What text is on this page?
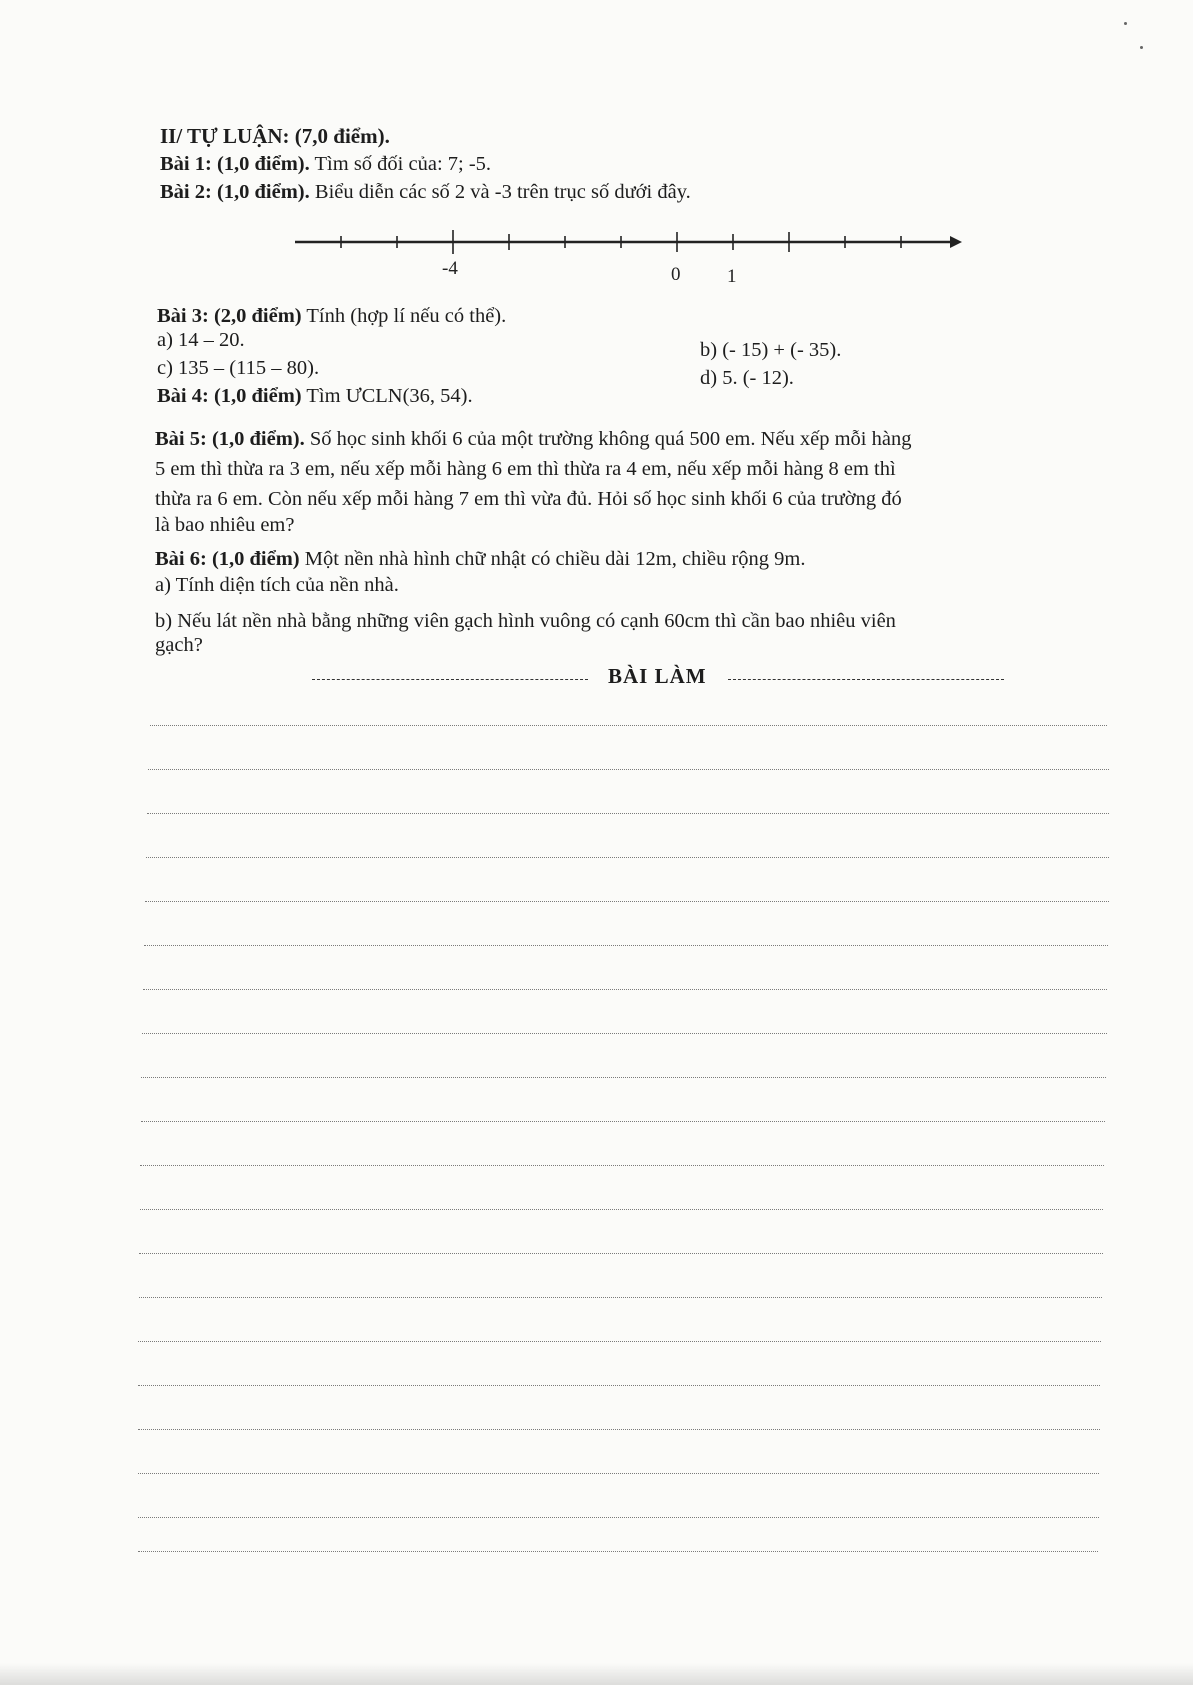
II/ TỰ LUẬN: (7,0 điểm).
Bài 1: (1,0 điểm). Tìm số đối của: 7; -5.
Bài 2: (1,0 điểm). Biểu diễn các số 2 và -3 trên trục số dưới đây.
-4	0 1
Bài 3: (2,0 điểm) Tính (hợp lí nếu có thể).
a) 14 – 20.	b) (- 15) + (- 35).
c) 135 – (115 – 80).	d) 5. (- 12).
Bài 4: (1,0 điểm) Tìm ƯCLN(36, 54).
Bài 5: (1,0 điểm). Số học sinh khối 6 của một trường không quá 500 em. Nếu xếp mỗi hàng
5 em thì thừa ra 3 em, nếu xếp mỗi hàng 6 em thì thừa ra 4 em, nếu xếp mỗi hàng 8 em thì
thừa ra 6 em. Còn nếu xếp mỗi hàng 7 em thì vừa đủ. Hỏi số học sinh khối 6 của trường đó
là bao nhiêu em?
Bài 6: (1,0 điểm) Một nền nhà hình chữ nhật có chiều dài 12m, chiều rộng 9m.
a) Tính diện tích của nền nhà.
b) Nếu lát nền nhà bằng những viên gạch hình vuông có cạnh 60cm thì cần bao nhiêu viên
gạch?
BÀI LÀM
